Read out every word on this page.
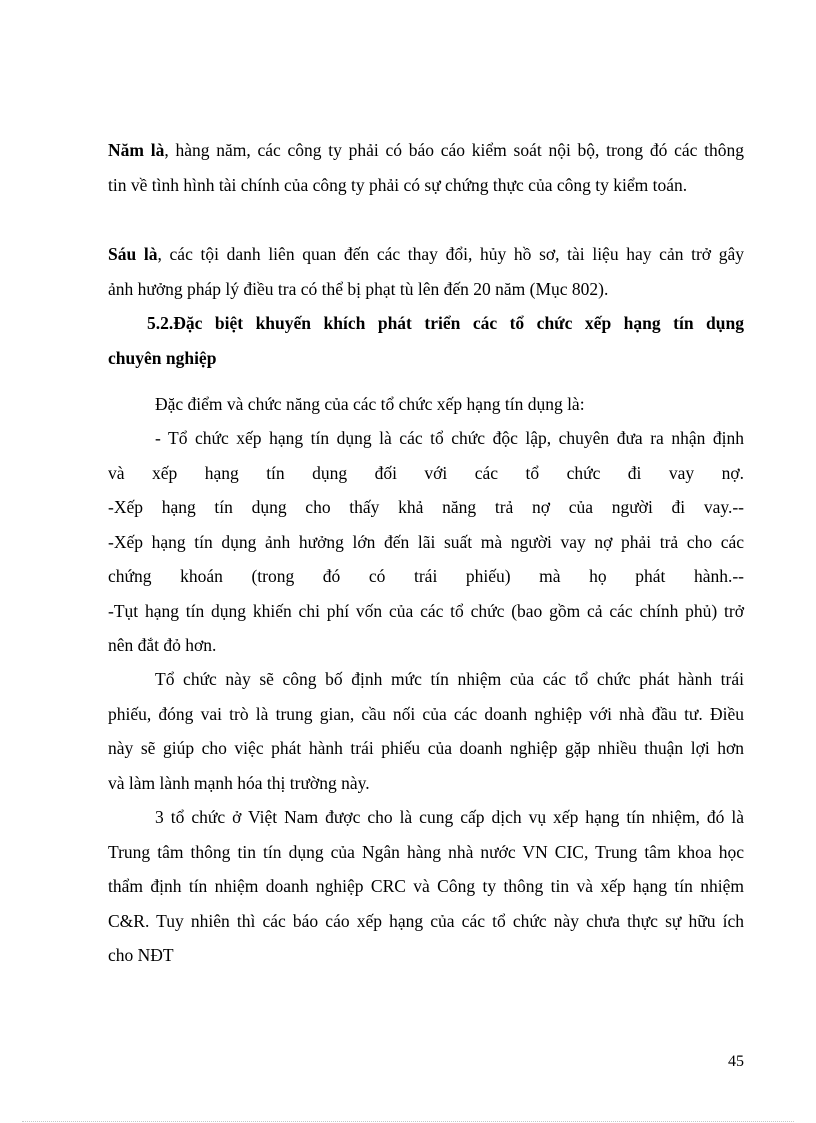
Năm là, hàng năm, các công ty phải có báo cáo kiểm soát nội bộ, trong đó các thông
tin về tình hình tài chính của công ty phải có sự chứng thực của công ty kiểm toán.
Sáu là, các tội danh liên quan đến các thay đổi, hủy hồ sơ, tài liệu hay cản trở gây
ảnh hưởng pháp lý điều tra có thể bị phạt tù lên đến 20 năm (Mục 802).
5.2.Đặc biệt khuyến khích phát triển các tổ chức xếp hạng tín dụng
chuyên nghiệp
Đặc điểm và chức năng của các tổ chức xếp hạng tín dụng là:
- Tổ chức xếp hạng tín dụng là các tổ chức độc lập, chuyên đưa ra nhận định
và xếp hạng tín dụng đối với các tổ chức đi vay nợ.
-Xếp hạng tín dụng cho thấy khả năng trả nợ của người đi vay.--
-Xếp hạng tín dụng ảnh hưởng lớn đến lãi suất mà người vay nợ phải trả cho các
chứng khoán (trong đó có trái phiếu) mà họ phát hành.--
-Tụt hạng tín dụng khiến chi phí vốn của các tổ chức (bao gồm cả các chính phủ) trở
nên đắt đỏ hơn.
Tổ chức này sẽ công bố định mức tín nhiệm của các tổ chức phát hành trái
phiếu, đóng vai trò là trung gian, cầu nối của các doanh nghiệp với nhà đầu tư. Điều
này sẽ giúp cho việc phát hành trái phiếu của doanh nghiệp gặp nhiều thuận lợi hơn
và làm lành mạnh hóa thị trường này.
3 tổ chức ở Việt Nam được cho là cung cấp dịch vụ xếp hạng tín nhiệm, đó là
Trung tâm thông tin tín dụng của Ngân hàng nhà nước VN CIC, Trung tâm khoa học
thẩm định tín nhiệm doanh nghiệp CRC và Công ty thông tin và xếp hạng tín nhiệm
C&R. Tuy nhiên thì các báo cáo xếp hạng của các tổ chức này chưa thực sự hữu ích
cho NĐT
45
